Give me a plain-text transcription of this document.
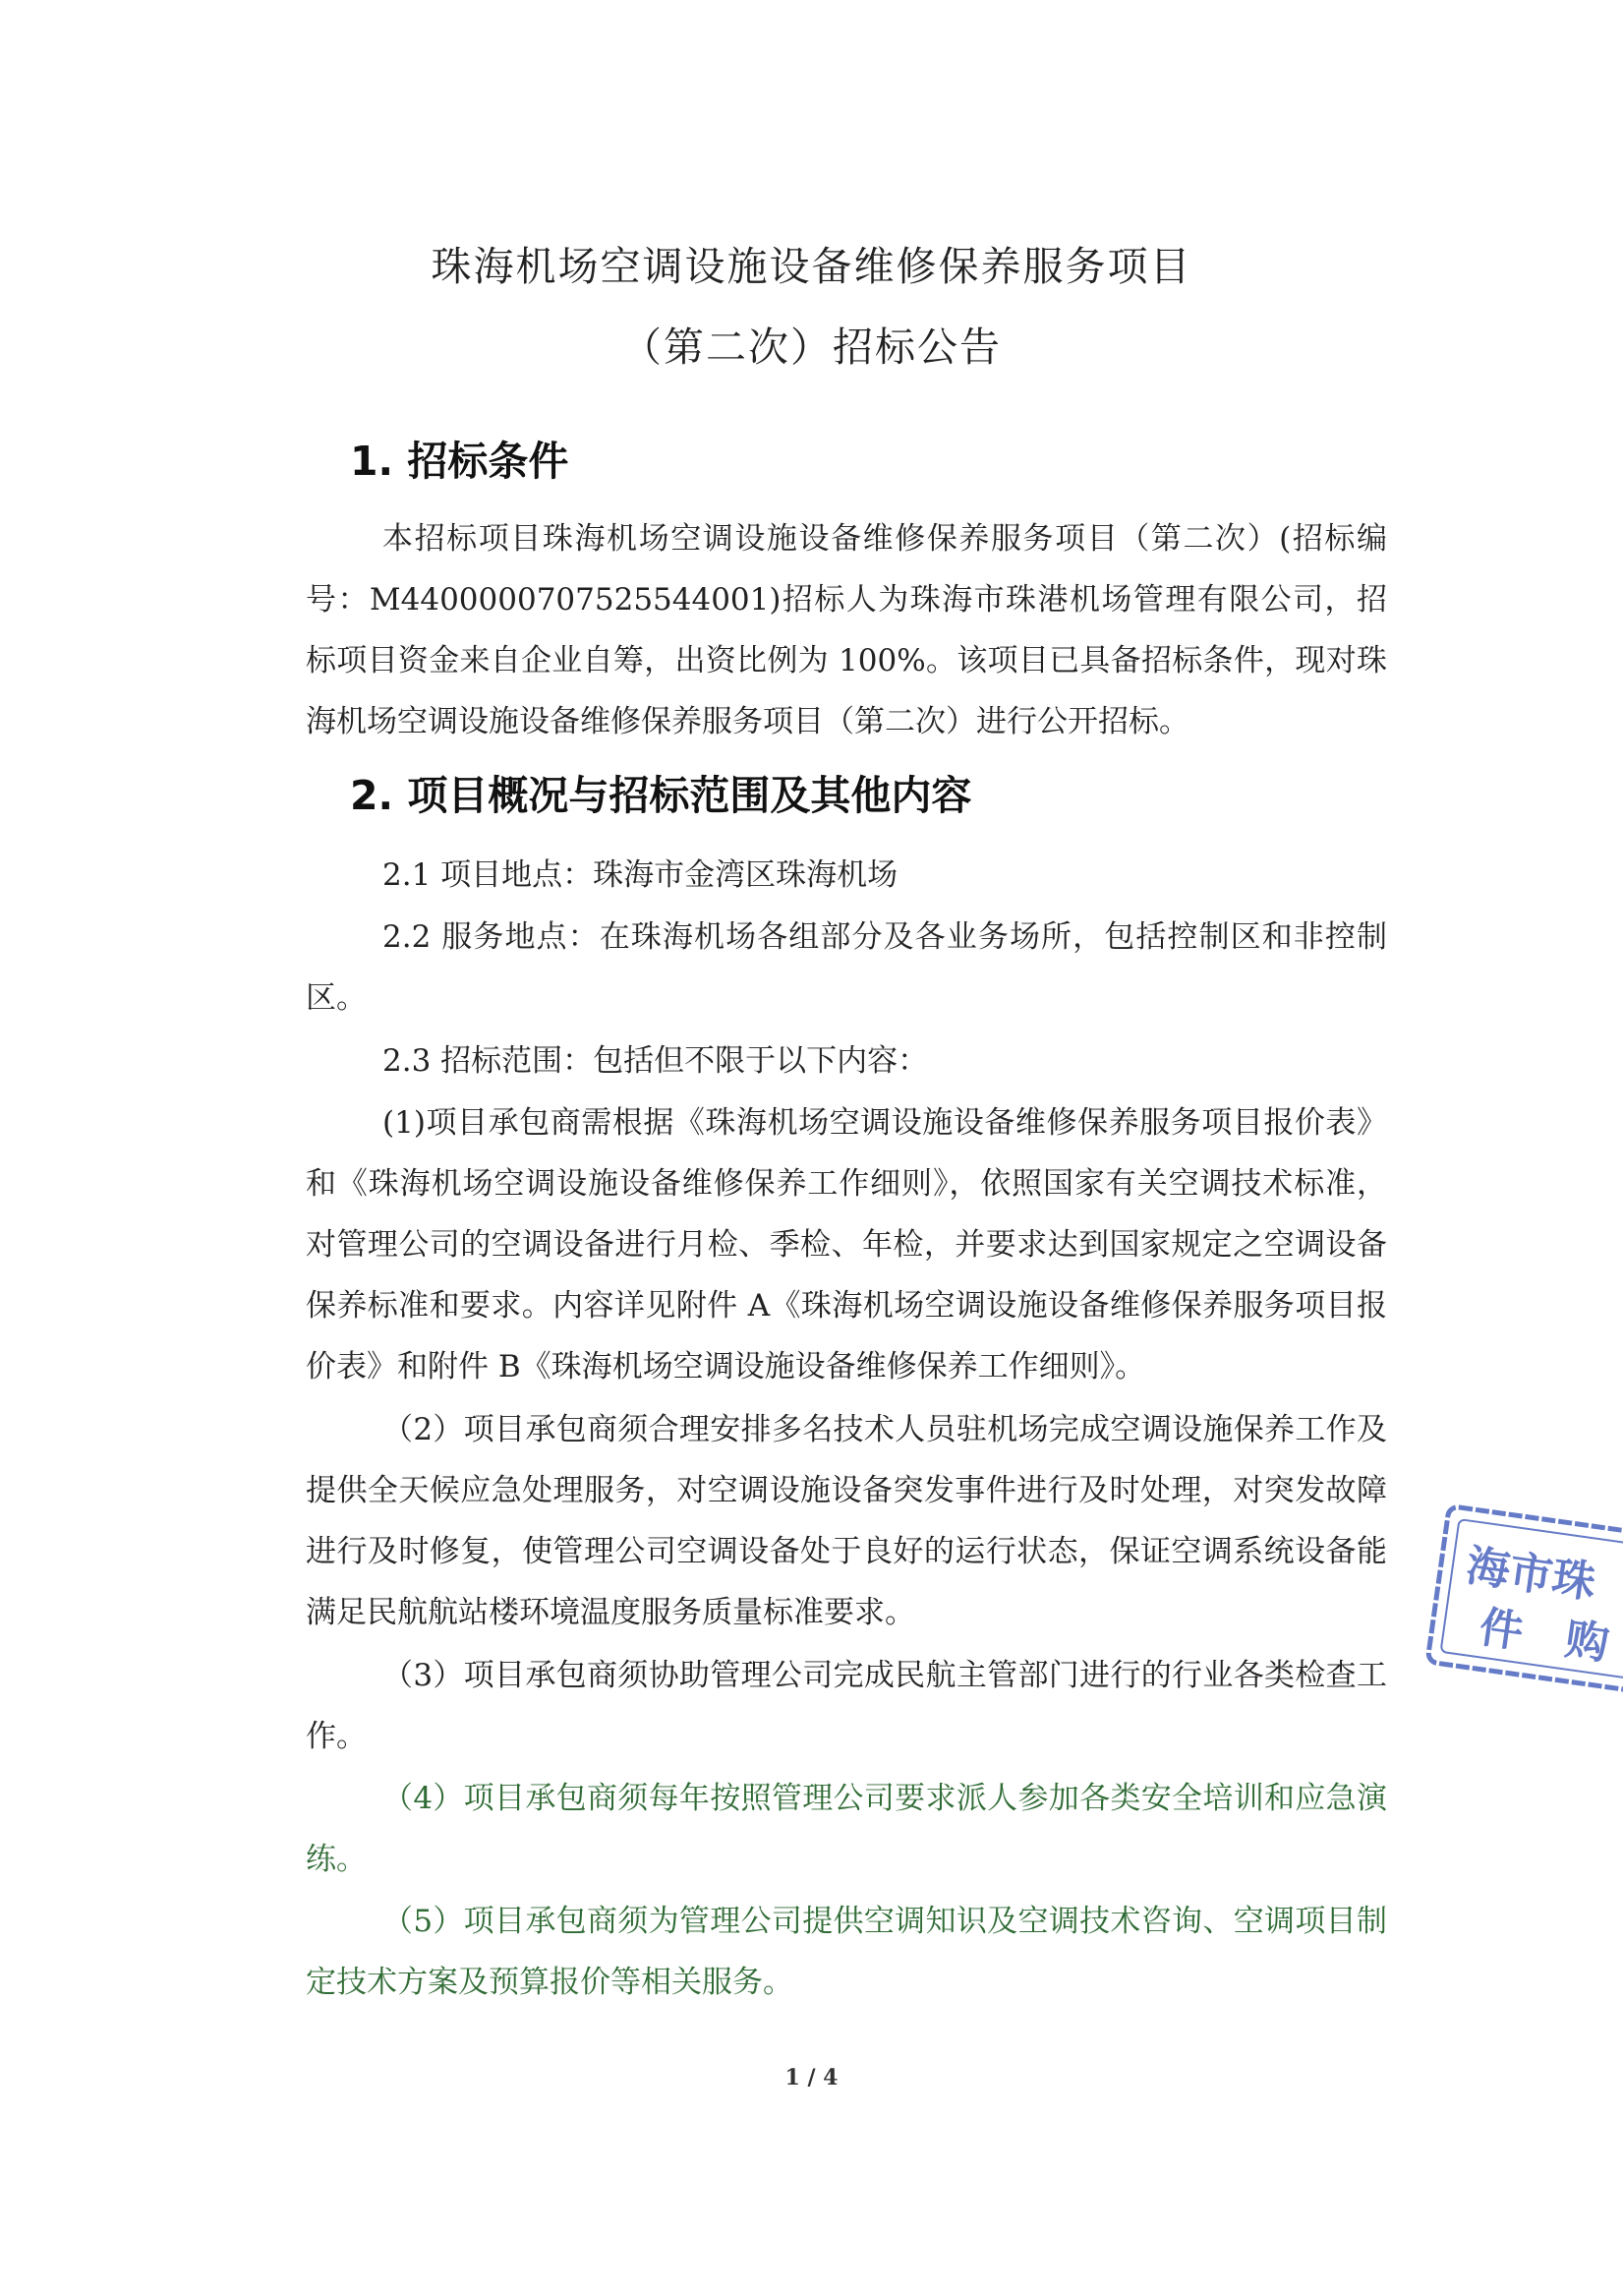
珠海机场空调设施设备维修保养服务项目
（第二次）招标公告
1. 招标条件

本招标项目珠海机场空调设施设备维修保养服务项目（第二次）(招标编号：M4400000707525544001)招标人为珠海市珠港机场管理有限公司，招标项目资金来自企业自筹，出资比例为 100%。该项目已具备招标条件，现对珠海机场空调设施设备维修保养服务项目（第二次）进行公开招标。

2. 项目概况与招标范围及其他内容

2.1 项目地点：珠海市金湾区珠海机场

2.2 服务地点：在珠海机场各组部分及各业务场所，包括控制区和非控制区。

2.3 招标范围：包括但不限于以下内容：

(1)项目承包商需根据《珠海机场空调设施设备维修保养服务项目报价表》和《珠海机场空调设施设备维修保养工作细则》，依照国家有关空调技术标准，对管理公司的空调设备进行月检、季检、年检，并要求达到国家规定之空调设备保养标准和要求。内容详见附件 A《珠海机场空调设施设备维修保养服务项目报价表》和附件 B《珠海机场空调设施设备维修保养工作细则》。

（2）项目承包商须合理安排多名技术人员驻机场完成空调设施保养工作及提供全天候应急处理服务，对空调设施设备突发事件进行及时处理，对突发故障进行及时修复，使管理公司空调设备处于良好的运行状态，保证空调系统设备能满足民航航站楼环境温度服务质量标准要求。

（3）项目承包商须协助管理公司完成民航主管部门进行的行业各类检查工作。

（4）项目承包商须每年按照管理公司要求派人参加各类安全培训和应急演练。

（5）项目承包商须为管理公司提供空调知识及空调技术咨询、空调项目制定技术方案及预算报价等相关服务。

1 / 4
海市珠
件　购
